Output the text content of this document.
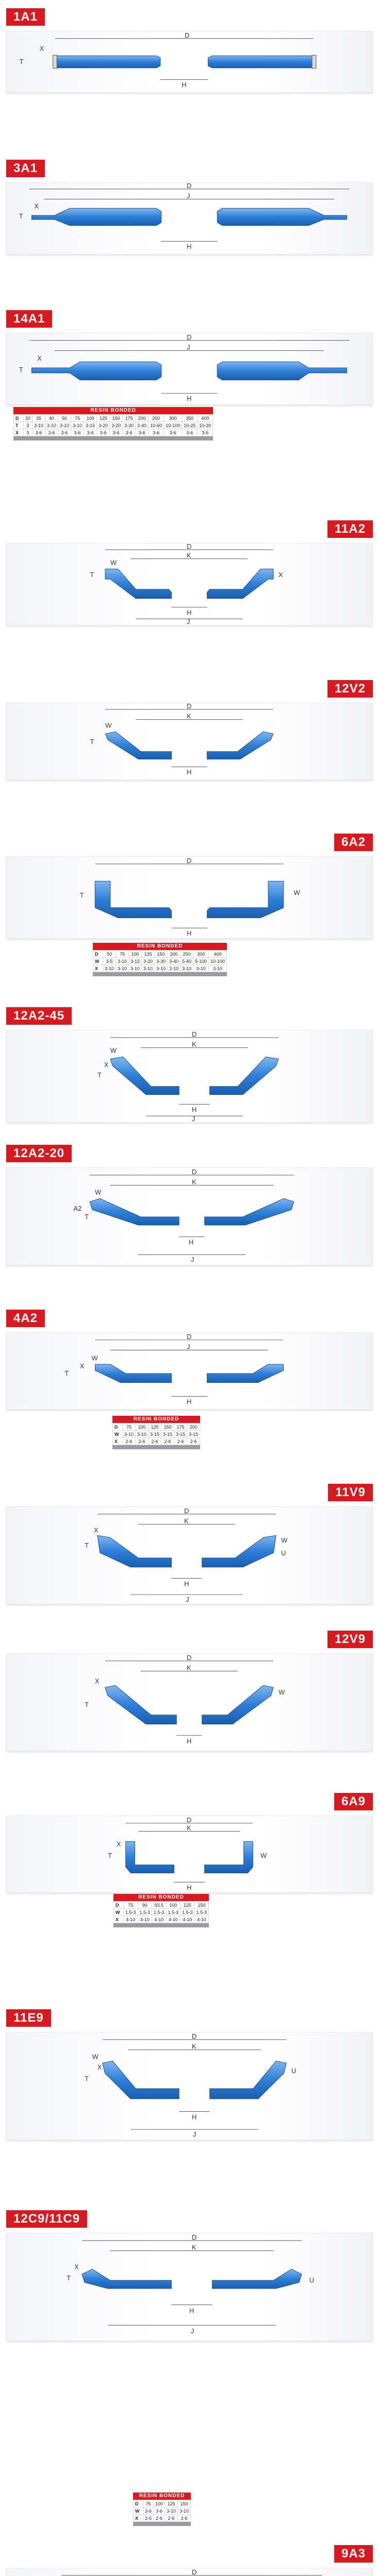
1A1
D
H
T
X
3A1
D
J
H
T
X
14A1
D
J
H
T
X
RESIN BONDED
D	20	35	40	50	75	100	125	150	175	200	250	300	350	400
T	3	3-10	3-10	3-10	3-10	3-15	3-20	3-20	3-30	3-40	10-60	10-100	10-25	10-30
X	3	3-6	3-6	3-6	3-6	3-6	3-6	3-6	3-6	3-6	3-6	3-6	3-6	3-6
11A2
D
K
H
J
T
W
X
12V2
D
K
H
T
W
6A2
D
H
T	W
RESIN BONDED
D	50	75	100	125	150	200	250	300	400
W	3-5	3-10	3-15	3-20	3-30	3-40	5-40	5-100	10-100
X	3-10	3-10	3-10	3-10	3-10	2-10	3-10	3-10	3-10
12A2-45
D
K
H
J
T
W
X
12A2-20
D
K
H
J
A2
T
W
4A2
D
J
H
T
X
W
RESIN BONDED
D	75	100	125	150	175	200
W	3-10	3-10	3-15	3-15	3-15	3-15
X	2-6	2-6	2-6	2-6	2-6	2-6
11V9
D
K
H
J
T
X
W
U
12V9
D
K
H
T
X
W
6A9
D
K
H
T
X
W
RESIN BONDED
D	75	90	93.5	100	125	150
W	1.5-3	1.5-3	1.5-3	1.5-3	1.5-3	1.5-3
X	4-10	4-10	4-10	4-10	4-10	4-10
11E9
D
K
H
J
T
W
X
U
12C9/11C9
D
K
H
J
T
X
U
RESIN BONDED
D	75	100	125	150
W	3-6	3-6	3-10	3-10
X	2-6	2-6	2-6	2-6
9A3
D
